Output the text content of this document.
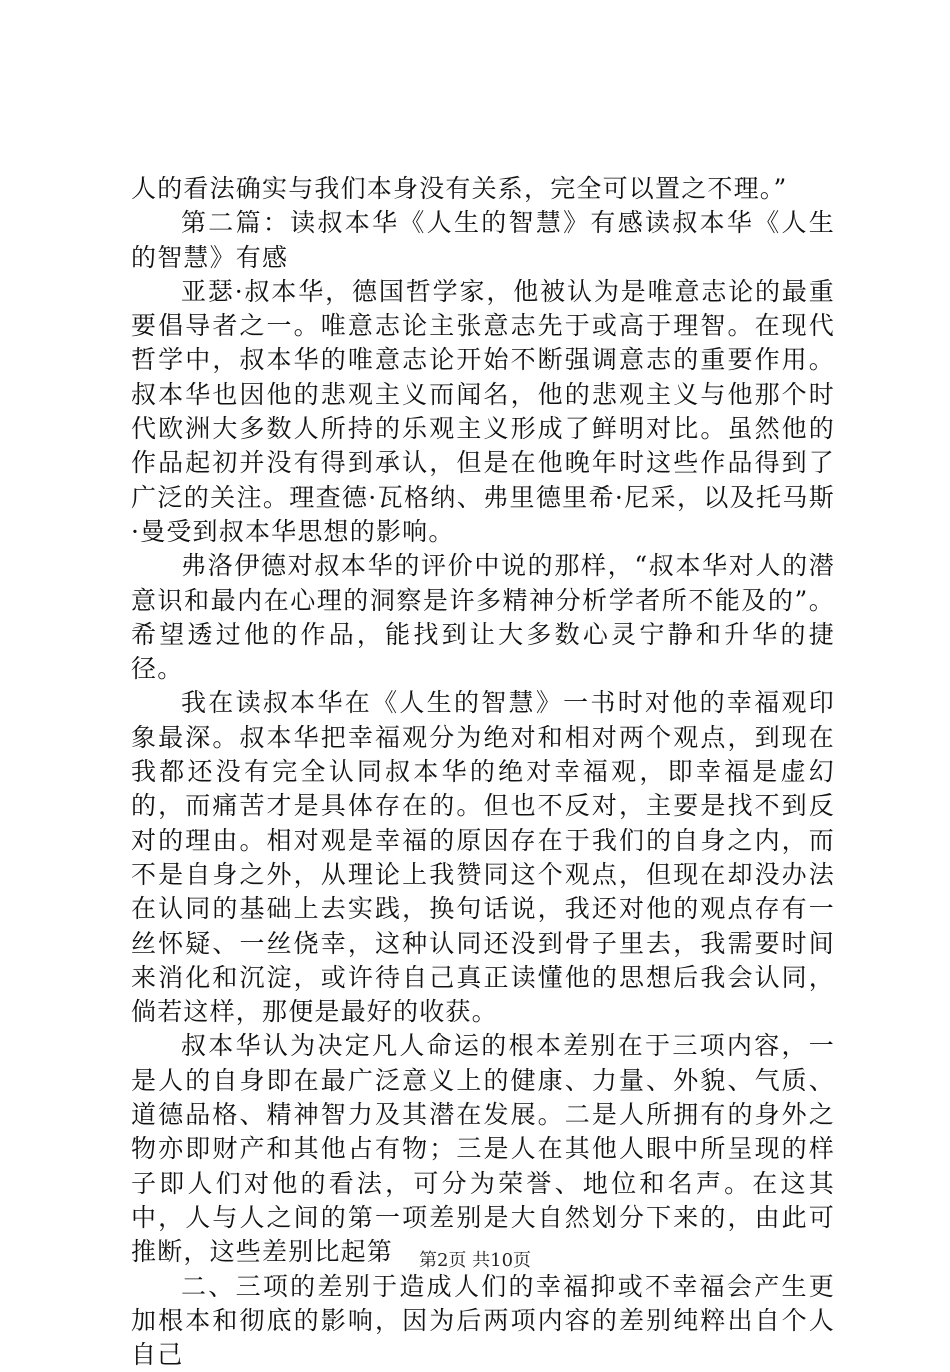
人的看法确实与我们本身没有关系，完全可以置之不理。”

第二篇：读叔本华《人生的智慧》有感读叔本华《人生的智慧》有感

亚瑟·叔本华，德国哲学家，他被认为是唯意志论的最重要倡导者之一。唯意志论主张意志先于或高于理智。在现代哲学中，叔本华的唯意志论开始不断强调意志的重要作用。叔本华也因他的悲观主义而闻名，他的悲观主义与他那个时代欧洲大多数人所持的乐观主义形成了鲜明对比。虽然他的作品起初并没有得到承认，但是在他晚年时这些作品得到了广泛的关注。理查德·瓦格纳、弗里德里希·尼采，以及托马斯·曼受到叔本华思想的影响。

弗洛伊德对叔本华的评价中说的那样，“叔本华对人的潜意识和最内在心理的洞察是许多精神分析学者所不能及的”。希望透过他的作品，能找到让大多数心灵宁静和升华的捷径。

我在读叔本华在《人生的智慧》一书时对他的幸福观印象最深。叔本华把幸福观分为绝对和相对两个观点，到现在我都还没有完全认同叔本华的绝对幸福观，即幸福是虚幻的，而痛苦才是具体存在的。但也不反对，主要是找不到反对的理由。相对观是幸福的原因存在于我们的自身之内，而不是自身之外，从理论上我赞同这个观点，但现在却没办法在认同的基础上去实践，换句话说，我还对他的观点存有一丝怀疑、一丝侥幸，这种认同还没到骨子里去，我需要时间来消化和沉淀，或许待自己真正读懂他的思想后我会认同，倘若这样，那便是最好的收获。

叔本华认为决定凡人命运的根本差别在于三项内容，一是人的自身即在最广泛意义上的健康、力量、外貌、气质、道德品格、精神智力及其潜在发展。二是人所拥有的身外之物亦即财产和其他占有物；三是人在其他人眼中所呈现的样子即人们对他的看法，可分为荣誉、地位和名声。在这其中，人与人之间的第一项差别是大自然划分下来的，由此可推断，这些差别比起第

二、三项的差别于造成人们的幸福抑或不幸福会产生更加根本和彻底的影响，因为后两项内容的差别纯粹出自个人自己

第2页 共10页
